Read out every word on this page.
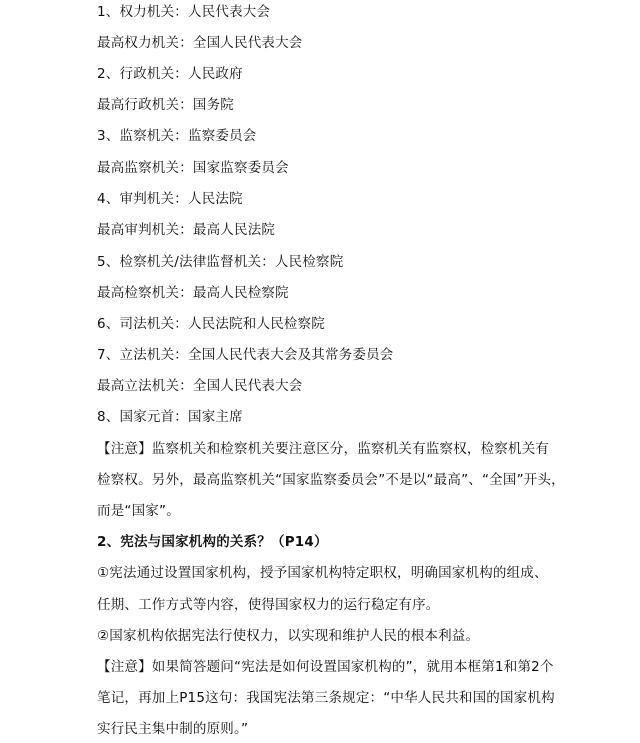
1、权力机关：人民代表大会
最高权力机关：全国人民代表大会
2、行政机关：人民政府
最高行政机关：国务院
3、监察机关：监察委员会
最高监察机关：国家监察委员会
4、审判机关：人民法院
最高审判机关：最高人民法院
5、检察机关/法律监督机关：人民检察院
最高检察机关：最高人民检察院
6、司法机关：人民法院和人民检察院
7、立法机关：全国人民代表大会及其常务委员会
最高立法机关：全国人民代表大会
8、国家元首：国家主席
【注意】监察机关和检察机关要注意区分，监察机关有监察权，检察机关有
检察权。另外，最高监察机关“国家监察委员会”不是以“最高”、“全国”开头，
而是“国家”。
2、宪法与国家机构的关系？（P14）
①宪法通过设置国家机构，授予国家机构特定职权，明确国家机构的组成、
任期、工作方式等内容，使得国家权力的运行稳定有序。
②国家机构依据宪法行使权力，以实现和维护人民的根本利益。
【注意】如果简答题问“宪法是如何设置国家机构的”，就用本框第1和第2个
笔记，再加上P15这句：我国宪法第三条规定：“中华人民共和国的国家机构
实行民主集中制的原则。”
